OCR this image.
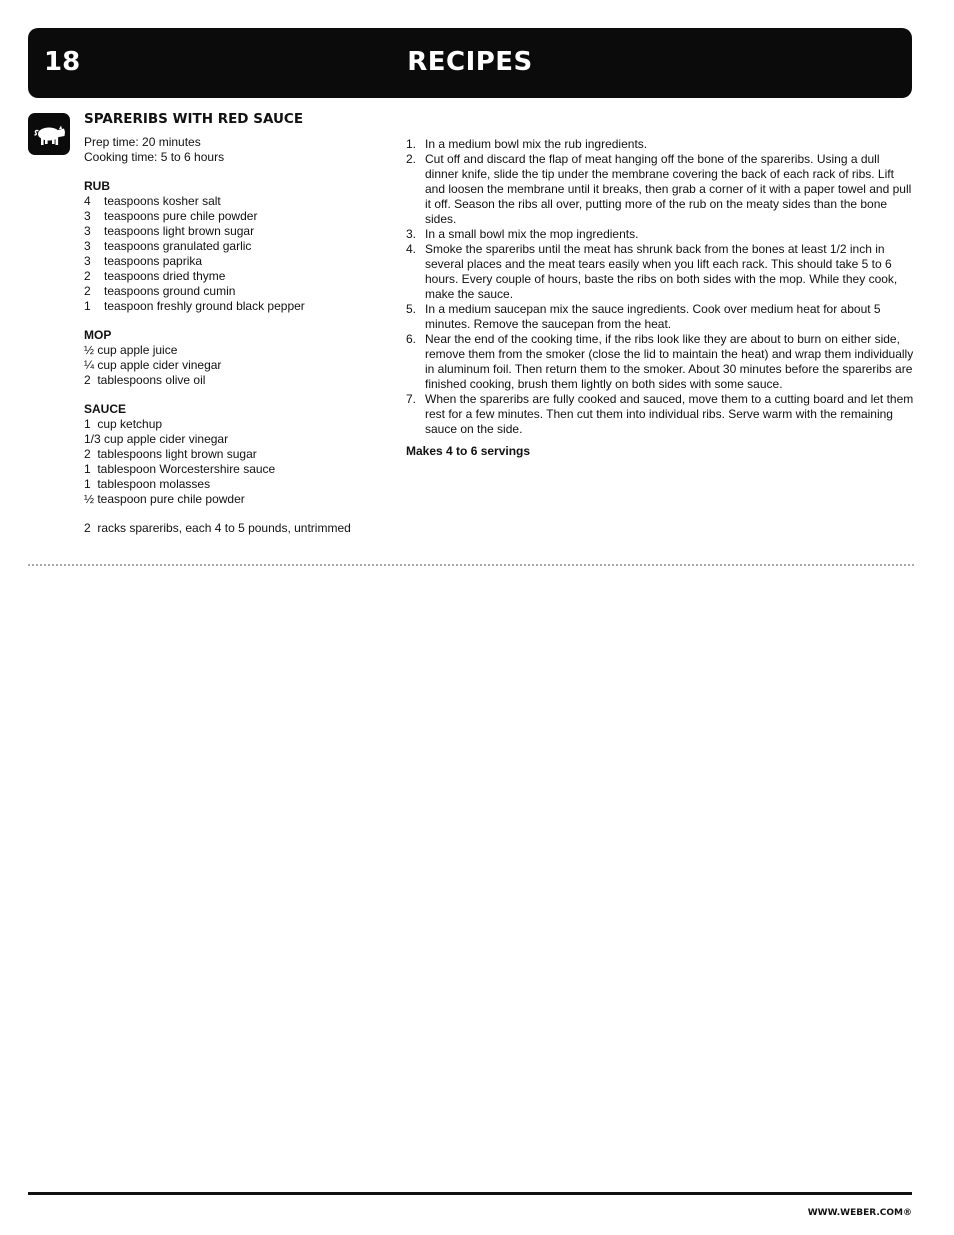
18	RECIPES
SPARERIBS WITH RED SAUCE
Prep time: 20 minutes
Cooking time: 5 to 6 hours
RUB
4  teaspoons kosher salt
3  teaspoons pure chile powder
3  teaspoons light brown sugar
3  teaspoons granulated garlic
3  teaspoons paprika
2  teaspoons dried thyme
2  teaspoons ground cumin
1  teaspoon freshly ground black pepper
MOP
½ cup apple juice
¼ cup apple cider vinegar
2  tablespoons olive oil
SAUCE
1  cup ketchup
1/3 cup apple cider vinegar
2  tablespoons light brown sugar
1  tablespoon Worcestershire sauce
1  tablespoon molasses
½ teaspoon pure chile powder
2  racks spareribs, each 4 to 5 pounds, untrimmed
1. In a medium bowl mix the rub ingredients.
2. Cut off and discard the flap of meat hanging off the bone of the spareribs. Using a dull dinner knife, slide the tip under the membrane covering the back of each rack of ribs. Lift and loosen the membrane until it breaks, then grab a corner of it with a paper towel and pull it off. Season the ribs all over, putting more of the rub on the meaty sides than the bone sides.
3. In a small bowl mix the mop ingredients.
4. Smoke the spareribs until the meat has shrunk back from the bones at least 1/2 inch in several places and the meat tears easily when you lift each rack. This should take 5 to 6 hours. Every couple of hours, baste the ribs on both sides with the mop. While they cook, make the sauce.
5. In a medium saucepan mix the sauce ingredients. Cook over medium heat for about 5 minutes. Remove the saucepan from the heat.
6. Near the end of the cooking time, if the ribs look like they are about to burn on either side, remove them from the smoker (close the lid to maintain the heat) and wrap them individually in aluminum foil. Then return them to the smoker. About 30 minutes before the spareribs are finished cooking, brush them lightly on both sides with some sauce.
7. When the spareribs are fully cooked and sauced, move them to a cutting board and let them rest for a few minutes. Then cut them into individual ribs. Serve warm with the remaining sauce on the side.
Makes 4 to 6 servings
WWW.WEBER.COM®
